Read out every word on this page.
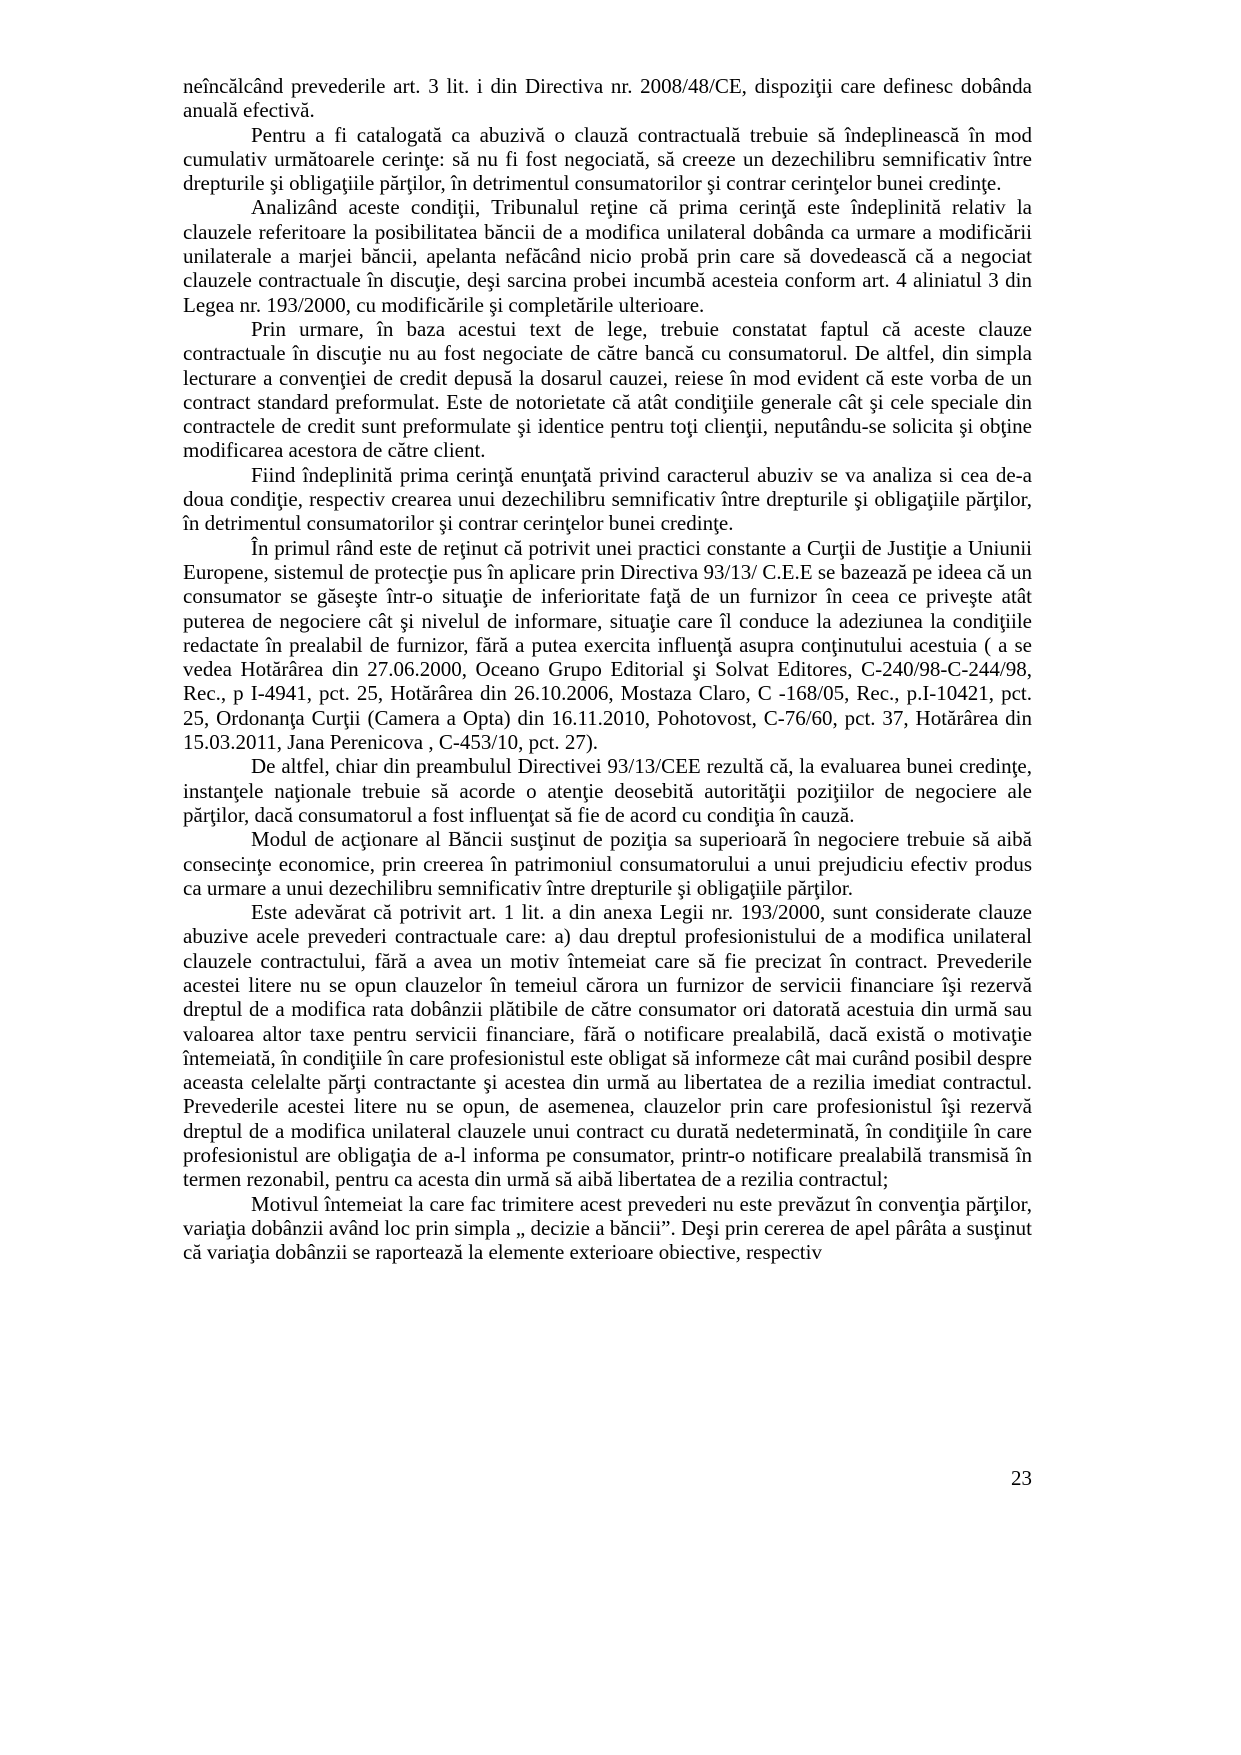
neîncălcând prevederile art. 3 lit. i din Directiva nr. 2008/48/CE, dispoziţii care definesc dobânda anuală efectivă.

Pentru a fi catalogată ca abuzivă o clauză contractuală trebuie să îndeplinească în mod cumulativ următoarele cerinţe: să nu fi fost negociată, să creeze un dezechilibru semnificativ între drepturile şi obligaţiile părţilor, în detrimentul consumatorilor şi contrar cerinţelor bunei credinţe.

Analizând aceste condiţii, Tribunalul reţine că prima cerinţă este îndeplinită relativ la clauzele referitoare la posibilitatea băncii de a modifica unilateral dobânda ca urmare a modificării unilaterale a marjei băncii, apelanta nefăcând nicio probă prin care să dovedească că a negociat clauzele contractuale în discuţie, deşi sarcina probei incumbă acesteia conform art. 4 aliniatul 3 din Legea nr. 193/2000, cu modificările şi completările ulterioare.

Prin urmare, în baza acestui text de lege, trebuie constatat faptul că aceste clauze contractuale în discuţie nu au fost negociate de către bancă cu consumatorul. De altfel, din simpla lecturare a convenţiei de credit depusă la dosarul cauzei, reiese în mod evident că este vorba de un contract standard preformulat. Este de notorietate că atât condiţiile generale cât şi cele speciale din contractele de credit sunt preformulate şi identice pentru toţi clienţii, neputându-se solicita şi obţine modificarea acestora de către client.

Fiind îndeplinită prima cerinţă enunţată privind caracterul abuziv se va analiza si cea de-a doua condiţie, respectiv crearea unui dezechilibru semnificativ între drepturile şi obligaţiile părţilor, în detrimentul consumatorilor şi contrar cerinţelor bunei credinţe.

În primul rând este de reţinut că potrivit unei practici constante a Curţii de Justiţie a Uniunii Europene, sistemul de protecţie pus în aplicare prin Directiva 93/13/ C.E.E se bazează pe ideea că un consumator se găseşte într-o situaţie de inferioritate faţă de un furnizor în ceea ce priveşte atât puterea de negociere cât şi nivelul de informare, situaţie care îl conduce la adeziunea la condiţiile redactate în prealabil de furnizor, fără a putea exercita influenţă asupra conţinutului acestuia ( a se vedea Hotărârea din 27.06.2000, Oceano Grupo Editorial şi Solvat Editores, C-240/98-C-244/98, Rec., p I-4941, pct. 25, Hotărârea din 26.10.2006, Mostaza Claro, C -168/05, Rec., p.I-10421, pct. 25, Ordonanţa Curţii (Camera a Opta) din 16.11.2010, Pohotovost, C-76/60, pct. 37, Hotărârea din 15.03.2011, Jana Perenicova , C-453/10, pct. 27).

De altfel, chiar din preambulul Directivei 93/13/CEE rezultă că, la evaluarea bunei credinţe, instanţele naţionale trebuie să acorde o atenţie deosebită autorităţii poziţiilor de negociere ale părţilor, dacă consumatorul a fost influenţat să fie de acord cu condiţia în cauză.

Modul de acţionare al Băncii susţinut de poziţia sa superioară în negociere trebuie să aibă consecinţe economice, prin creerea în patrimoniul consumatorului a unui prejudiciu efectiv produs ca urmare a unui dezechilibru semnificativ între drepturile şi obligaţiile părţilor.

Este adevărat că potrivit art. 1 lit. a din anexa Legii nr. 193/2000, sunt considerate clauze abuzive acele prevederi contractuale care: a) dau dreptul profesionistului de a modifica unilateral clauzele contractului, fără a avea un motiv întemeiat care să fie precizat în contract. Prevederile acestei litere nu se opun clauzelor în temeiul cărora un furnizor de servicii financiare îşi rezervă dreptul de a modifica rata dobânzii plătibile de către consumator ori datorată acestuia din urmă sau valoarea altor taxe pentru servicii financiare, fără o notificare prealabilă, dacă există o motivaţie întemeiată, în condiţiile în care profesionistul este obligat să informeze cât mai curând posibil despre aceasta celelalte părţi contractante şi acestea din urmă au libertatea de a rezilia imediat contractul. Prevederile acestei litere nu se opun, de asemenea, clauzelor prin care profesionistul îşi rezervă dreptul de a modifica unilateral clauzele unui contract cu durată nedeterminată, în condiţiile în care profesionistul are obligaţia de a-l informa pe consumator, printr-o notificare prealabilă transmisă în termen rezonabil, pentru ca acesta din urmă să aibă libertatea de a rezilia contractul;

Motivul întemeiat la care fac trimitere acest prevederi nu este prevăzut în convenţia părţilor, variaţia dobânzii având loc prin simpla „ decizie a băncii”. Deşi prin cererea de apel pârâta a susţinut că variaţia dobânzii se raportează la elemente exterioare obiective, respectiv

23
